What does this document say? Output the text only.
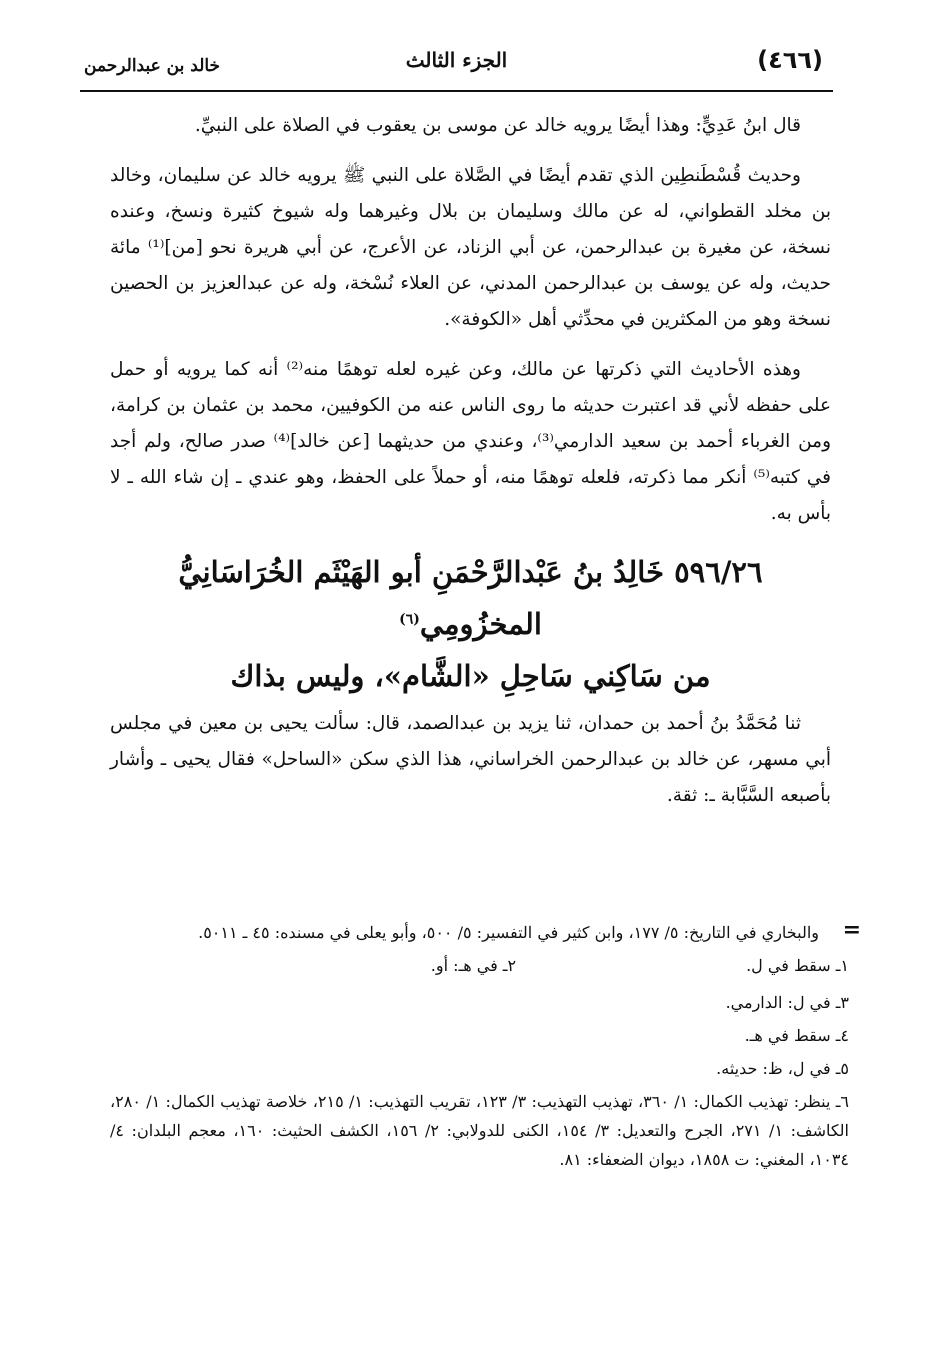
(٤٦٦)
الجزء الثالث
خالد بن عبدالرحمن

قال ابنُ عَدِيٍّ: وهذا أيضًا يرويه خالد عن موسى بن يعقوب في الصلاة على النبيِّ.

وحديث قُسْطَنطِين الذي تقدم أيضًا في الصَّلاة على النبي ﷺ يرويه خالد عن سليمان، وخالد بن مخلد القطواني، له عن مالك وسليمان بن بلال وغيرهما وله شيوخ كثيرة ونسخ، وعنده نسخة، عن مغيرة بن عبدالرحمن، عن أبي الزناد، عن الأعرج، عن أبي هريرة نحو [من]⁽¹⁾ مائة حديث، وله عن يوسف بن عبدالرحمن المدني، عن العلاء نُسْخة، وله عن عبدالعزيز بن الحصين نسخة وهو من المكثرين في محدِّثي أهل «الكوفة».

وهذه الأحاديث التي ذكرتها عن مالك، وعن غيره لعله توهمًا منه⁽²⁾ أنه كما يرويه أو حمل على حفظه لأني قد اعتبرت حديثه ما روى الناس عنه من الكوفيين، محمد بن عثمان بن كرامة، ومن الغرباء أحمد بن سعيد الدارمي⁽³⁾، وعندي من حديثهما [عن خالد]⁽⁴⁾ صدر صالح، ولم أجد في كتبه⁽⁵⁾ أنكر مما ذكرته، فلعله توهمًا منه، أو حملاً على الحفظ، وهو عندي ـ إن شاء الله ـ لا بأس به.

٥٩٦/٢٦ خَالِدُ بنُ عَبْدالرَّحْمَنِ أبو الهَيْثَم الخُرَاسَانِيُّ المخزُومِي$^{(٦)}$
من سَاكِني سَاحِلِ «الشَّام»، وليس بذاك

ثنا مُحَمَّدُ بنُ أحمد بن حمدان، ثنا يزيد بن عبدالصمد، قال: سألت يحيى بن معين في مجلس أبي مسهر، عن خالد بن عبدالرحمن الخراساني، هذا الذي سكن «الساحل» فقال يحيى ـ وأشار بأصبعه السَّبَّابة ـ: ثقة.

=
والبخاري في التاريخ: ٥/ ١٧٧، وابن كثير في التفسير: ٥/ ٥٠٠، وأبو يعلى في مسنده: ٤٥ ـ ٥٠١١.
١ـ سقط في ل.
٢ـ في هـ: أو.
٣ـ في ل: الدارمي.
٤ـ سقط في هـ.
٥ـ في ل، ظ: حديثه.
٦ـ ينظر: تهذيب الكمال: ١/ ٣٦٠، تهذيب التهذيب: ٣/ ١٢٣، تقريب التهذيب: ١/ ٢١٥، خلاصة تهذيب الكمال: ١/ ٢٨٠، الكاشف: ١/ ٢٧١، الجرح والتعديل: ٣/ ١٥٤، الكنى للدولابي: ٢/ ١٥٦، الكشف الحثيث: ١٦٠، معجم البلدان: ٤/ ١٠٣٤، المغني: ت ١٨٥٨، ديوان الضعفاء: ٨١.
